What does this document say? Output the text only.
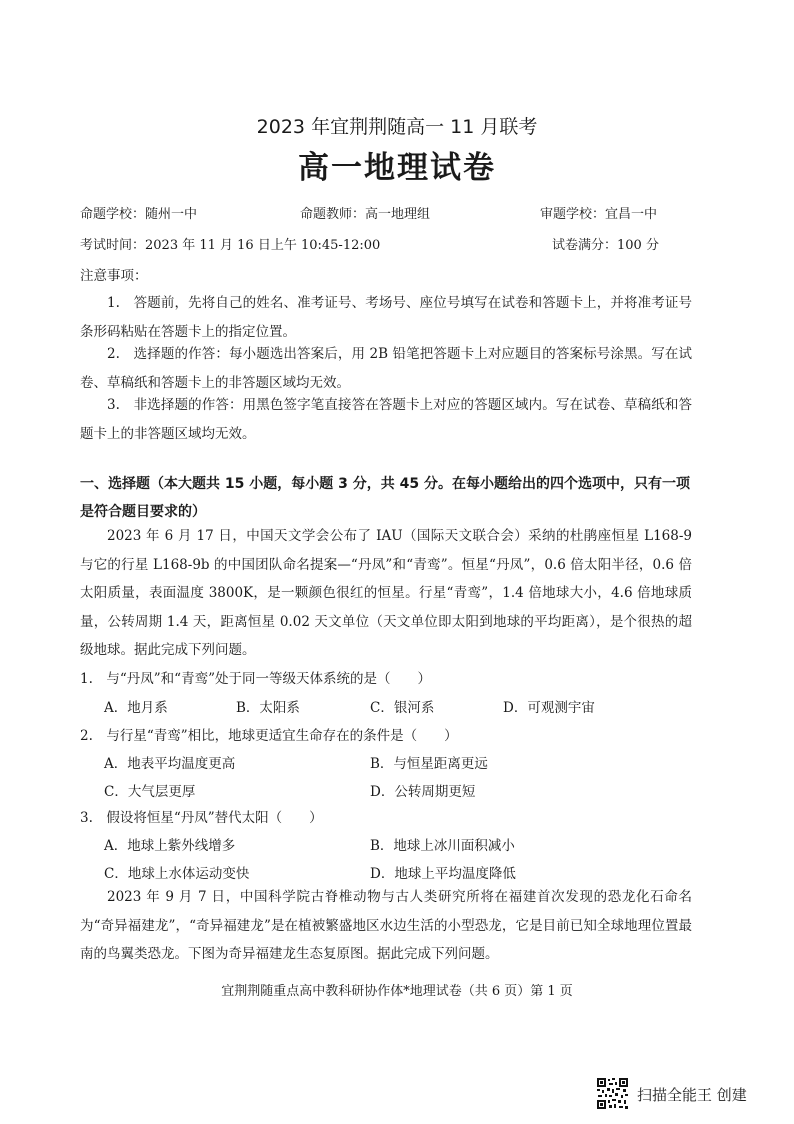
2023 年宜荆荆随高一 11 月联考
高一地理试卷
命题学校：随州一中	命题教师：高一地理组	审题学校：宜昌一中
考试时间：2023 年 11 月 16 日上午 10:45-12:00	试卷满分：100 分
注意事项：
1.　答题前，先将自己的姓名、准考证号、考场号、座位号填写在试卷和答题卡上，并将准考证号条形码粘贴在答题卡上的指定位置。
2.　选择题的作答：每小题选出答案后，用 2B 铅笔把答题卡上对应题目的答案标号涂黑。写在试卷、草稿纸和答题卡上的非答题区域均无效。
3.　非选择题的作答：用黑色签字笔直接答在答题卡上对应的答题区域内。写在试卷、草稿纸和答题卡上的非答题区域均无效。
一、选择题（本大题共 15 小题，每小题 3 分，共 45 分。在每小题给出的四个选项中，只有一项是符合题目要求的）
2023 年 6 月 17 日，中国天文学会公布了 IAU（国际天文联合会）采纳的杜鹃座恒星 L168-9 与它的行星 L168-9b 的中国团队命名提案—“丹凤”和“青鸾”。恒星“丹凤”，0.6 倍太阳半径，0.6 倍太阳质量，表面温度 3800K，是一颗颜色很红的恒星。行星“青鸾”，1.4 倍地球大小，4.6 倍地球质量，公转周期 1.4 天，距离恒星 0.02 天文单位（天文单位即太阳到地球的平均距离），是个很热的超级地球。据此完成下列问题。
1.　与“丹凤”和“青鸾”处于同一等级天体系统的是（　　）
A．地月系	B．太阳系	C．银河系	D．可观测宇宙
2.　与行星“青鸾”相比，地球更适宜生命存在的条件是（　　）
A．地表平均温度更高	B．与恒星距离更远
C．大气层更厚	D．公转周期更短
3.　假设将恒星“丹凤”替代太阳（　　）
A．地球上紫外线增多	B．地球上冰川面积减小
C．地球上水体运动变快	D．地球上平均温度降低
2023 年 9 月 7 日，中国科学院古脊椎动物与古人类研究所将在福建首次发现的恐龙化石命名为“奇异福建龙”，“奇异福建龙”是在植被繁盛地区水边生活的小型恐龙，它是目前已知全球地理位置最南的鸟翼类恐龙。下图为奇异福建龙生态复原图。据此完成下列问题。
宜荆荆随重点高中教科研协作体*地理试卷（共 6 页）第 1 页
扫描全能王 创建
